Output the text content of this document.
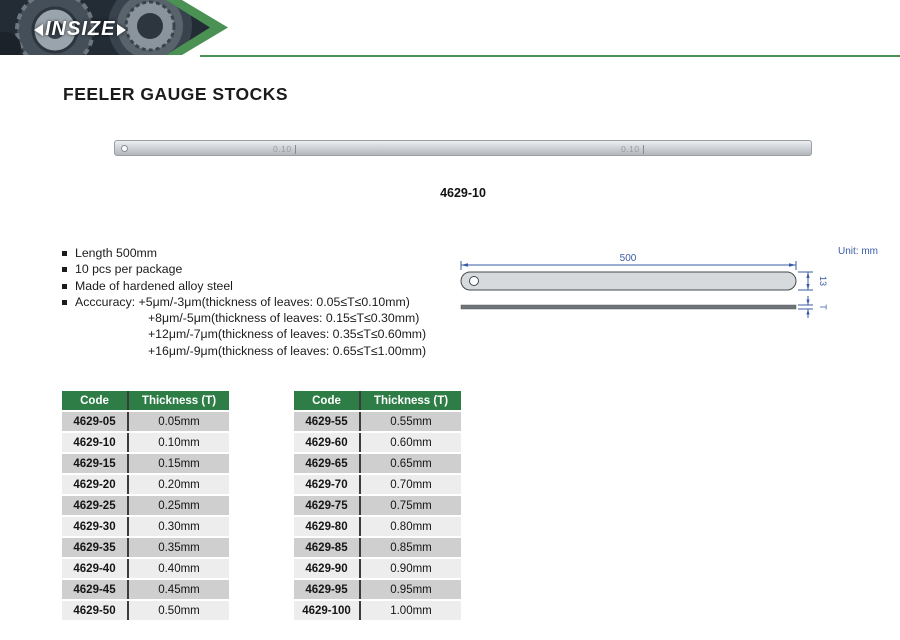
INSIZE
FEELER GAUGE STOCKS
0.10	0.10
4629-10
Length 500mm
10 pcs per package
Made of hardened alloy steel
Acccuracy: +5μm/-3μm(thickness of leaves: 0.05≤T≤0.10mm)
+8μm/-5μm(thickness of leaves: 0.15≤T≤0.30mm)
+12μm/-7μm(thickness of leaves: 0.35≤T≤0.60mm)
+16μm/-9μm(thickness of leaves: 0.65≤T≤1.00mm)
Unit: mm
500
13
T
Code	Thickness (T)
4629-05	0.05mm
4629-10	0.10mm
4629-15	0.15mm
4629-20	0.20mm
4629-25	0.25mm
4629-30	0.30mm
4629-35	0.35mm
4629-40	0.40mm
4629-45	0.45mm
4629-50	0.50mm
Code	Thickness (T)
4629-55	0.55mm
4629-60	0.60mm
4629-65	0.65mm
4629-70	0.70mm
4629-75	0.75mm
4629-80	0.80mm
4629-85	0.85mm
4629-90	0.90mm
4629-95	0.95mm
4629-100	1.00mm
